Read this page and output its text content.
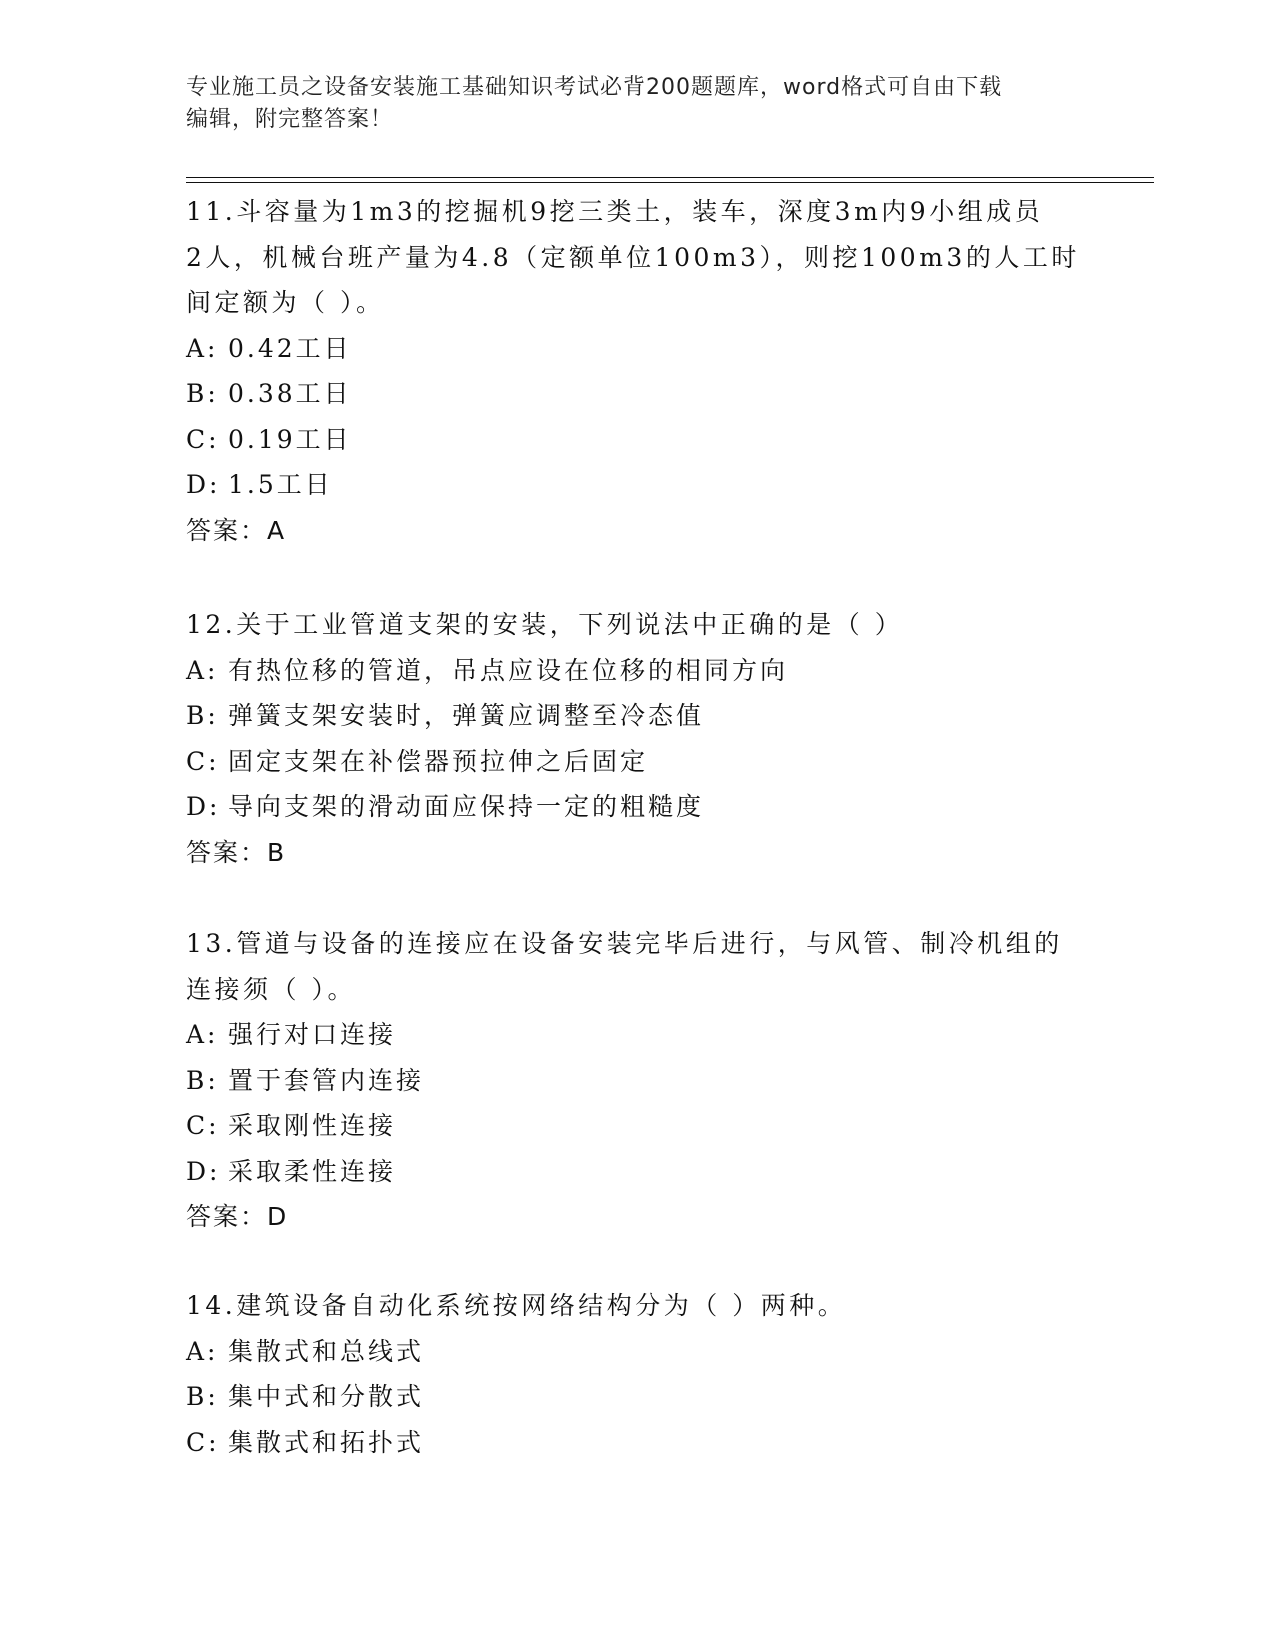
专业施工员之设备安装施工基础知识考试必背200题题库，word格式可自由下载
编辑，附完整答案！

11.斗容量为1m3的挖掘机9挖三类土，装车，深度3m内9小组成员

2人，机械台班产量为4.8（定额单位100m3），则挖100m3的人工时

间定额为（ ）。

A: 0.42工日

B: 0.38工日

C: 0.19工日

D: 1.5工日

答案：A

12.关于工业管道支架的安装，下列说法中正确的是（ ）

A: 有热位移的管道，吊点应设在位移的相同方向

B: 弹簧支架安装时，弹簧应调整至冷态值

C: 固定支架在补偿器预拉伸之后固定

D: 导向支架的滑动面应保持一定的粗糙度

答案：B

13.管道与设备的连接应在设备安装完毕后进行，与风管、制冷机组的

连接须（ ）。

A: 强行对口连接

B: 置于套管内连接

C: 采取刚性连接

D: 采取柔性连接

答案：D

14.建筑设备自动化系统按网络结构分为（ ）两种。

A: 集散式和总线式

B: 集中式和分散式

C: 集散式和拓扑式
